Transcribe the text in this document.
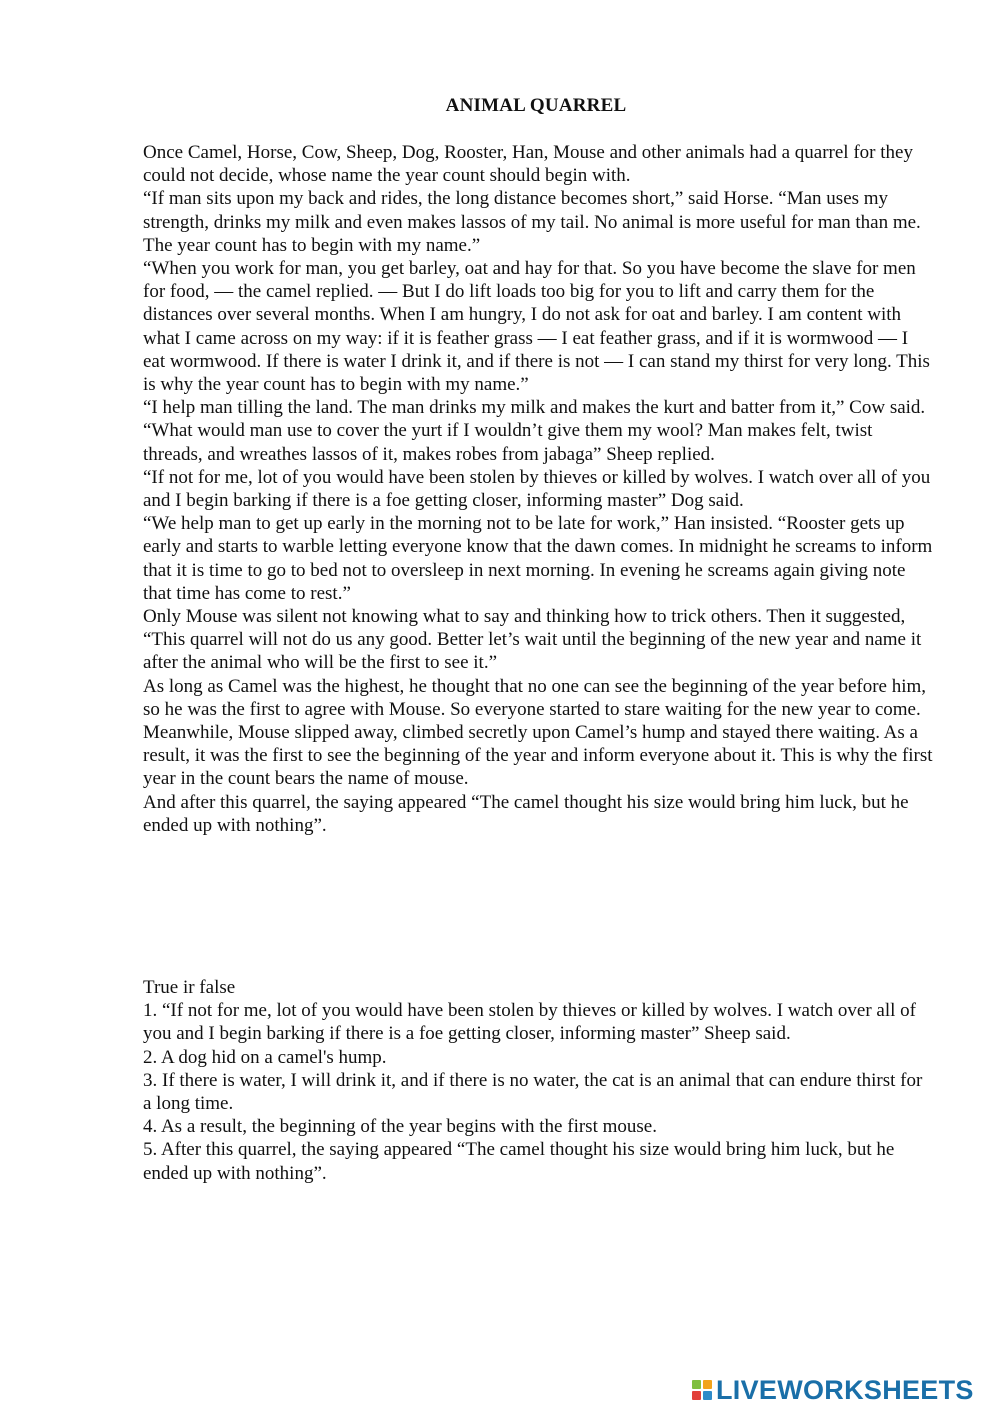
ANIMAL QUARREL

Once Camel, Horse, Cow, Sheep, Dog, Rooster, Han, Mouse and other animals had a quarrel for they could not decide, whose name the year count should begin with.

“If man sits upon my back and rides, the long distance becomes short,” said Horse. “Man uses my strength, drinks my milk and even makes lassos of my tail. No animal is more useful for man than me. The year count has to begin with my name.”

“When you work for man, you get barley, oat and hay for that. So you have become the slave for men for food, — the camel replied. — But I do lift loads too big for you to lift and carry them for the distances over several months. When I am hungry, I do not ask for oat and barley. I am content with what I came across on my way: if it is feather grass — I eat feather grass, and if it is wormwood — I eat wormwood. If there is water I drink it, and if there is not — I can stand my thirst for very long. This is why the year count has to begin with my name.”

“I help man tilling the land. The man drinks my milk and makes the kurt and batter from it,” Cow said.

“What would man use to cover the yurt if I wouldn’t give them my wool? Man makes felt, twist threads, and wreathes lassos of it, makes robes from jabaga” Sheep replied.

“If not for me, lot of you would have been stolen by thieves or killed by wolves. I watch over all of you and I begin barking if there is a foe getting closer, informing master” Dog said.

“We help man to get up early in the morning not to be late for work,” Han insisted. “Rooster gets up early and starts to warble letting everyone know that the dawn comes. In midnight he screams to inform that it is time to go to bed not to oversleep in next morning. In evening he screams again giving note that time has come to rest.”

Only Mouse was silent not knowing what to say and thinking how to trick others. Then it suggested, “This quarrel will not do us any good. Better let’s wait until the beginning of the new year and name it after the animal who will be the first to see it.”

As long as Camel was the highest, he thought that no one can see the beginning of the year before him, so he was the first to agree with Mouse. So everyone started to stare waiting for the new year to come.

Meanwhile, Mouse slipped away, climbed secretly upon Camel’s hump and stayed there waiting. As a result, it was the first to see the beginning of the year and inform everyone about it. This is why the first year in the count bears the name of mouse.

And after this quarrel, the saying appeared “The camel thought his size would bring him luck, but he ended up with nothing”.

True ir false

1. “If not for me, lot of you would have been stolen by thieves or killed by wolves. I watch over all of you and I begin barking if there is a foe getting closer, informing master” Sheep said.

2. A dog hid on a camel's hump.

3. If there is water, I will drink it, and if there is no water, the cat is an animal that can endure thirst for a long time.

4. As a result, the beginning of the year begins with the first mouse.

5. After this quarrel, the saying appeared “The camel thought his size would bring him luck, but he ended up with nothing”.

LIVEWORKSHEETS
